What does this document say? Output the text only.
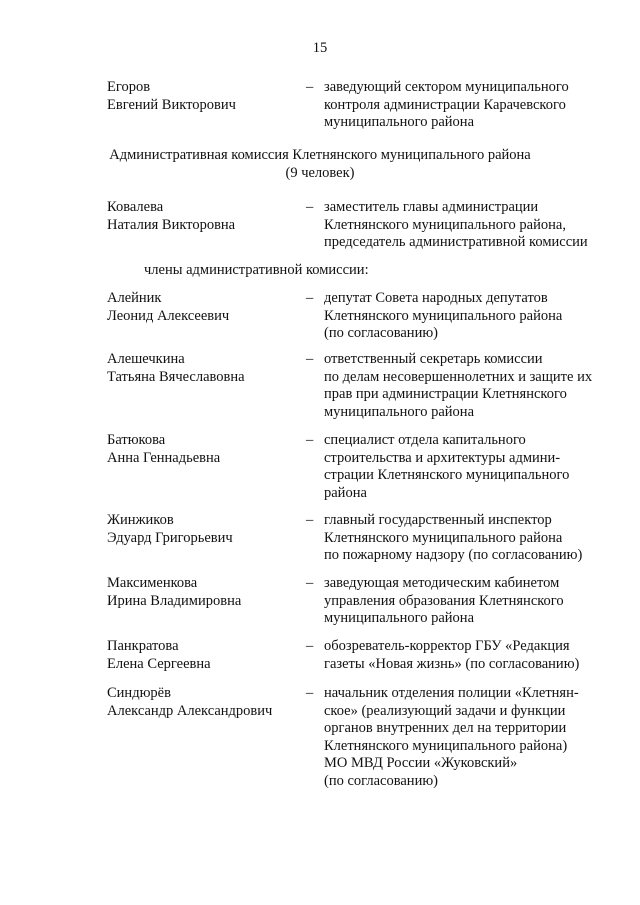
15
Егоров
Евгений Викторович
– заведующий сектором муниципального
контроля администрации Карачевского
муниципального района
Административная комиссия Клетнянского муниципального района
(9 человек)
Ковалева
Наталия Викторовна
– заместитель главы администрации
Клетнянского муниципального района,
председатель административной комиссии
члены административной комиссии:
Алейник
Леонид Алексеевич
– депутат Совета народных депутатов
Клетнянского муниципального района
(по согласованию)
Алешечкина
Татьяна Вячеславовна
– ответственный секретарь комиссии
по делам несовершеннолетних и защите их
прав при администрации Клетнянского
муниципального района
Батюкова
Анна Геннадьевна
– специалист отдела капитального
строительства и архитектуры админи-
страции Клетнянского муниципального
района
Жинжиков
Эдуард Григорьевич
– главный государственный инспектор
Клетнянского муниципального района
по пожарному надзору (по согласованию)
Максименкова
Ирина Владимировна
– заведующая методическим кабинетом
управления образования Клетнянского
муниципального района
Панкратова
Елена Сергеевна
– обозреватель-корректор ГБУ «Редакция
газеты «Новая жизнь» (по согласованию)
Синдюрёв
Александр Александрович
– начальник отделения полиции «Клетнян-
ское» (реализующий задачи и функции
органов внутренних дел на территории
Клетнянского муниципального района)
МО МВД России «Жуковский»
(по согласованию)
